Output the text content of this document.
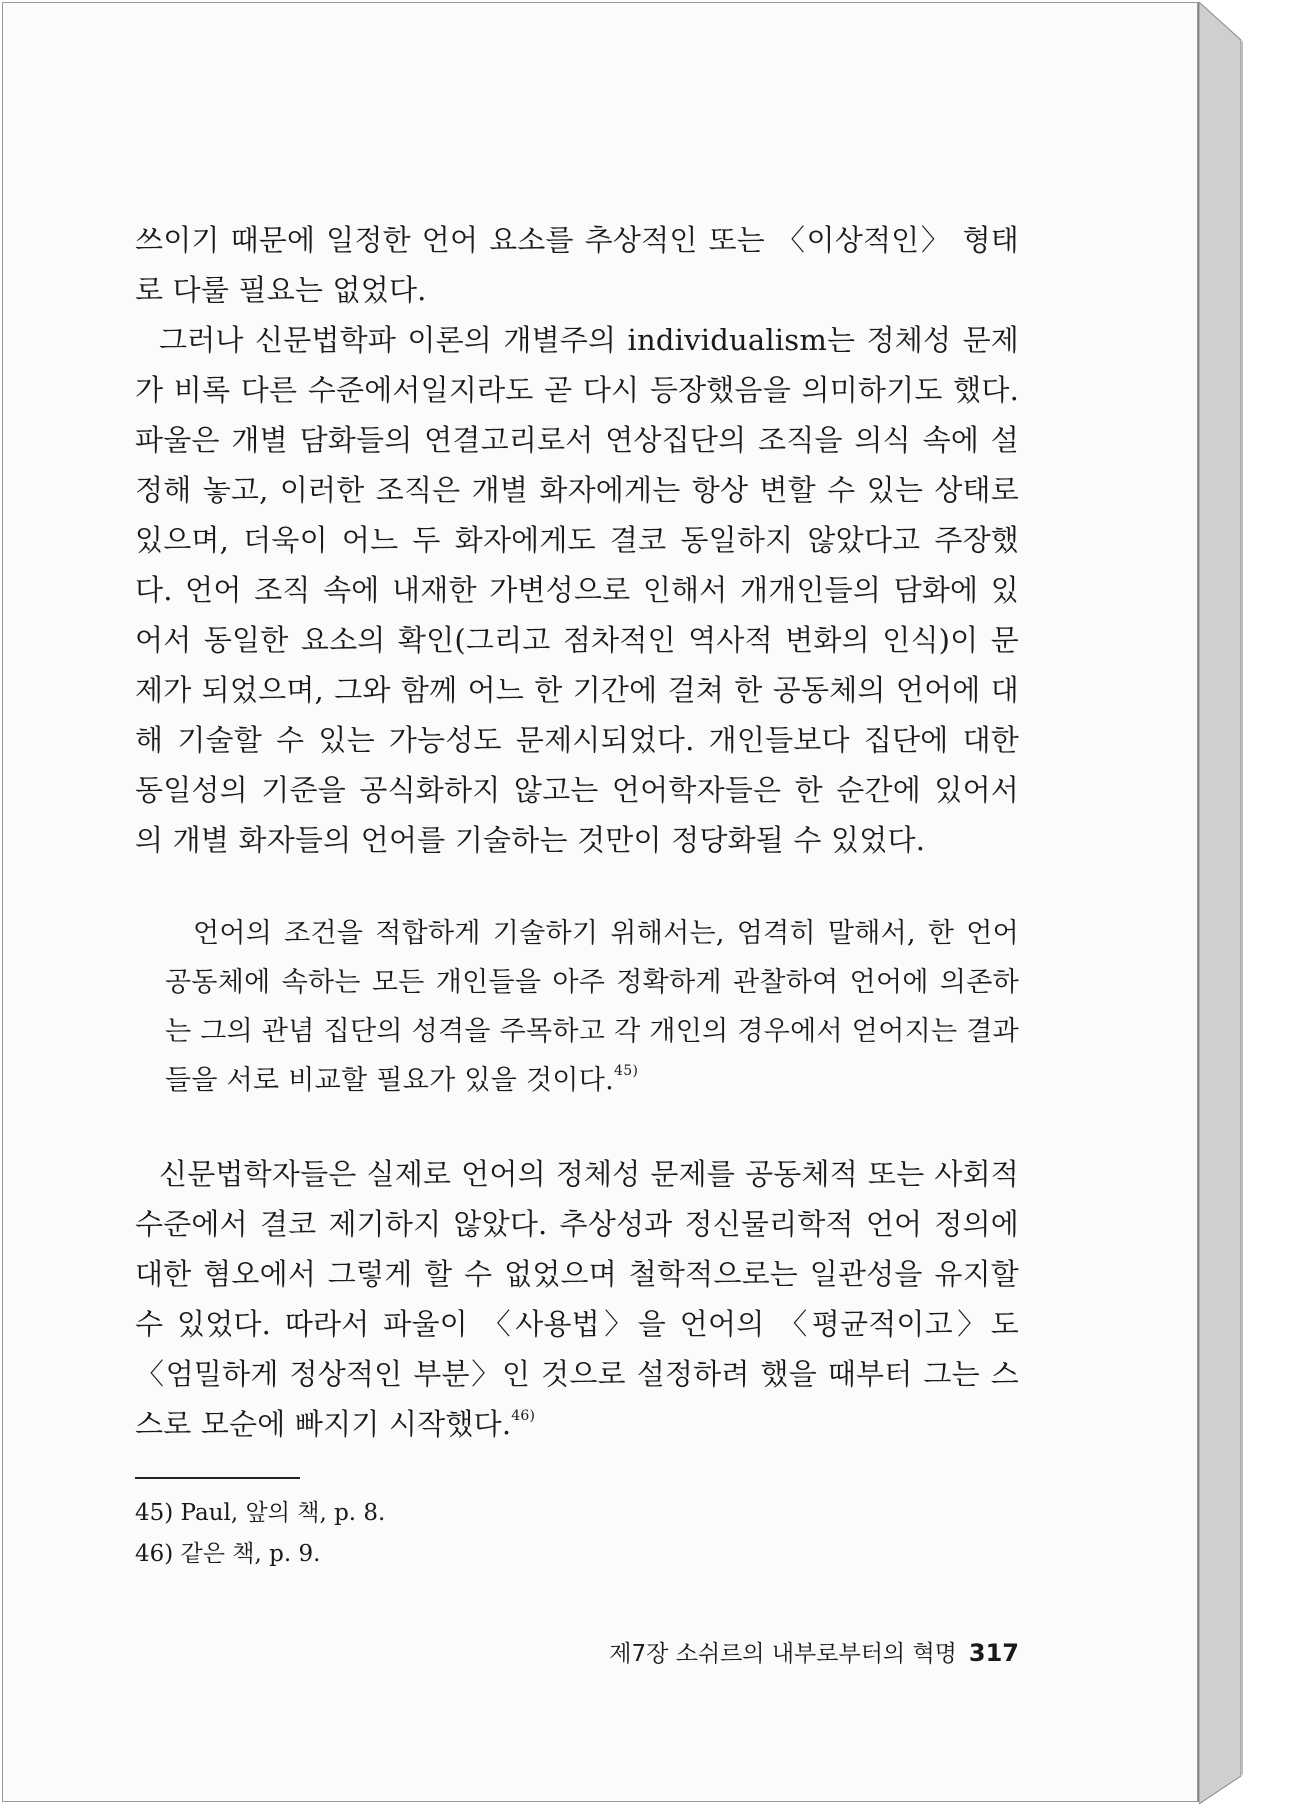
쓰이기 때문에 일정한 언어 요소를 추상적인 또는 〈이상적인〉 형태로 다룰 필요는 없었다.

그러나 신문법학파 이론의 개별주의 individualism는 정체성 문제가 비록 다른 수준에서일지라도 곧 다시 등장했음을 의미하기도 했다. 파울은 개별 담화들의 연결고리로서 연상집단의 조직을 의식 속에 설정해 놓고, 이러한 조직은 개별 화자에게는 항상 변할 수 있는 상태로 있으며, 더욱이 어느 두 화자에게도 결코 동일하지 않았다고 주장했다. 언어 조직 속에 내재한 가변성으로 인해서 개개인들의 담화에 있어서 동일한 요소의 확인(그리고 점차적인 역사적 변화의 인식)이 문제가 되었으며, 그와 함께 어느 한 기간에 걸쳐 한 공동체의 언어에 대해 기술할 수 있는 가능성도 문제시되었다. 개인들보다 집단에 대한 동일성의 기준을 공식화하지 않고는 언어학자들은 한 순간에 있어서의 개별 화자들의 언어를 기술하는 것만이 정당화될 수 있었다.

언어의 조건을 적합하게 기술하기 위해서는, 엄격히 말해서, 한 언어공동체에 속하는 모든 개인들을 아주 정확하게 관찰하여 언어에 의존하는 그의 관념 집단의 성격을 주목하고 각 개인의 경우에서 얻어지는 결과들을 서로 비교할 필요가 있을 것이다.$^{45)}$

신문법학자들은 실제로 언어의 정체성 문제를 공동체적 또는 사회적 수준에서 결코 제기하지 않았다. 추상성과 정신물리학적 언어 정의에 대한 혐오에서 그렇게 할 수 없었으며 철학적으로는 일관성을 유지할 수 있었다. 따라서 파울이 〈사용법〉을 언어의 〈평균적이고〉도 〈엄밀하게 정상적인 부분〉인 것으로 설정하려 했을 때부터 그는 스스로 모순에 빠지기 시작했다.$^{46)}$

45) Paul, 앞의 책, p. 8.

46) 같은 책, p. 9.

제7장 소쉬르의 내부로부터의 혁명 317
